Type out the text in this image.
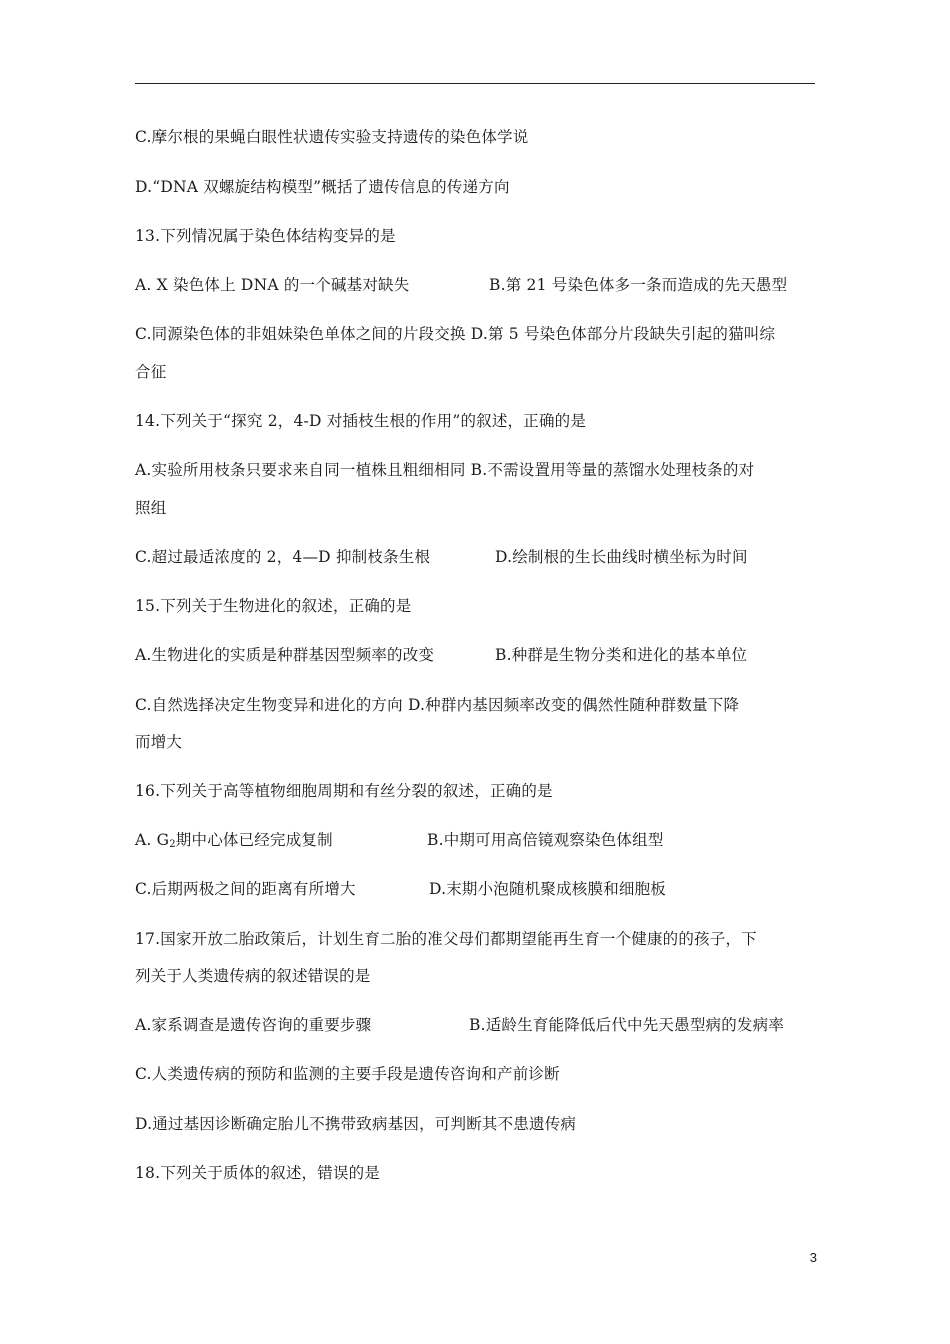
C.摩尔根的果蝇白眼性状遗传实验支持遗传的染色体学说
D.“DNA 双螺旋结构模型”概括了遗传信息的传递方向
13.下列情况属于染色体结构变异的是
A. X 染色体上 DNA 的一个碱基对缺失	B.第 21 号染色体多一条而造成的先天愚型
C.同源染色体的非姐妹染色单体之间的片段交换 D.第 5 号染色体部分片段缺失引起的猫叫综
合征
14.下列关于“探究 2，4-D 对插枝生根的作用”的叙述，正确的是
A.实验所用枝条只要求来自同一植株且粗细相同 B.不需设置用等量的蒸馏水处理枝条的对
照组
C.超过最适浓度的 2，4—D 抑制枝条生根	D.绘制根的生长曲线时横坐标为时间
15.下列关于生物进化的叙述，正确的是
A.生物进化的实质是种群基因型频率的改变	B.种群是生物分类和进化的基本单位
C.自然选择决定生物变异和进化的方向 D.种群内基因频率改变的偶然性随种群数量下降
而增大
16.下列关于高等植物细胞周期和有丝分裂的叙述，正确的是
A. $G_2$期中心体已经完成复制	B.中期可用高倍镜观察染色体组型
C.后期两极之间的距离有所增大	D.末期小泡随机聚成核膜和细胞板
17.国家开放二胎政策后，计划生育二胎的准父母们都期望能再生育一个健康的的孩子，下
列关于人类遗传病的叙述错误的是
A.家系调查是遗传咨询的重要步骤	B.适龄生育能降低后代中先天愚型病的发病率
C.人类遗传病的预防和监测的主要手段是遗传咨询和产前诊断
D.通过基因诊断确定胎儿不携带致病基因，可判断其不患遗传病
18.下列关于质体的叙述，错误的是
3
